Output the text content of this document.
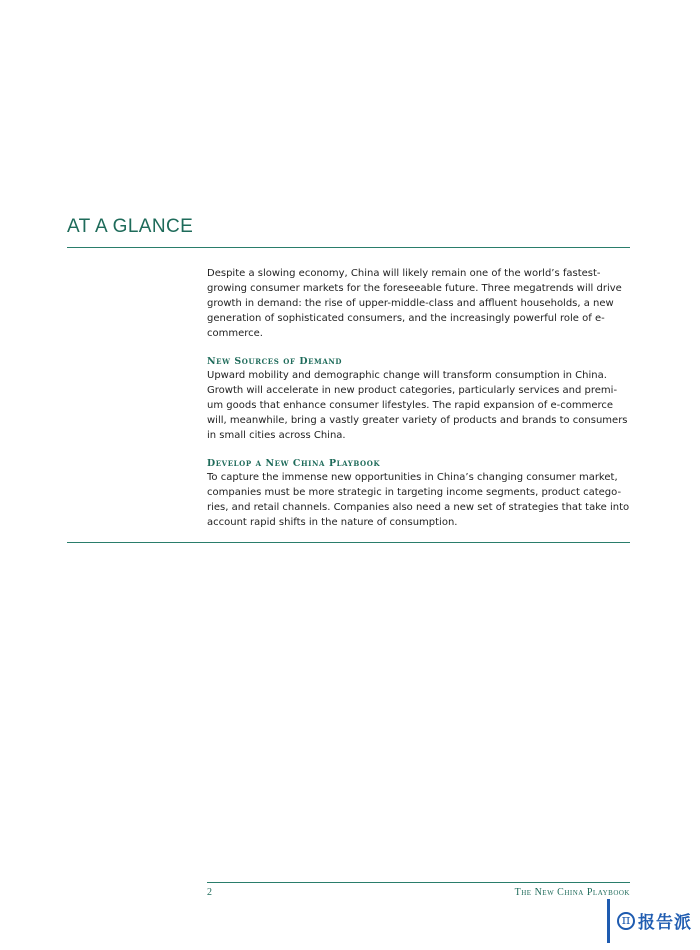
AT A GLANCE

Despite a slowing economy, China will likely remain one of the world’s fastest-growing consumer markets for the foreseeable future. Three megatrends will drive growth in demand: the rise of upper-middle-class and affluent households, a new generation of sophisticated consumers, and the increasingly powerful role of e-commerce.

New Sources of Demand

Upward mobility and demographic change will transform consumption in China. Growth will accelerate in new product categories, particularly services and premi-um goods that enhance consumer lifestyles. The rapid expansion of e-commerce will, meanwhile, bring a vastly greater variety of products and brands to consumers in small cities across China.

Develop a New China Playbook

To capture the immense new opportunities in China’s changing consumer market, companies must be more strategic in targeting income segments, product catego-ries, and retail channels. Companies also need a new set of strategies that take into account rapid shifts in the nature of consumption.

2	The New China Playbook
π 报告派
